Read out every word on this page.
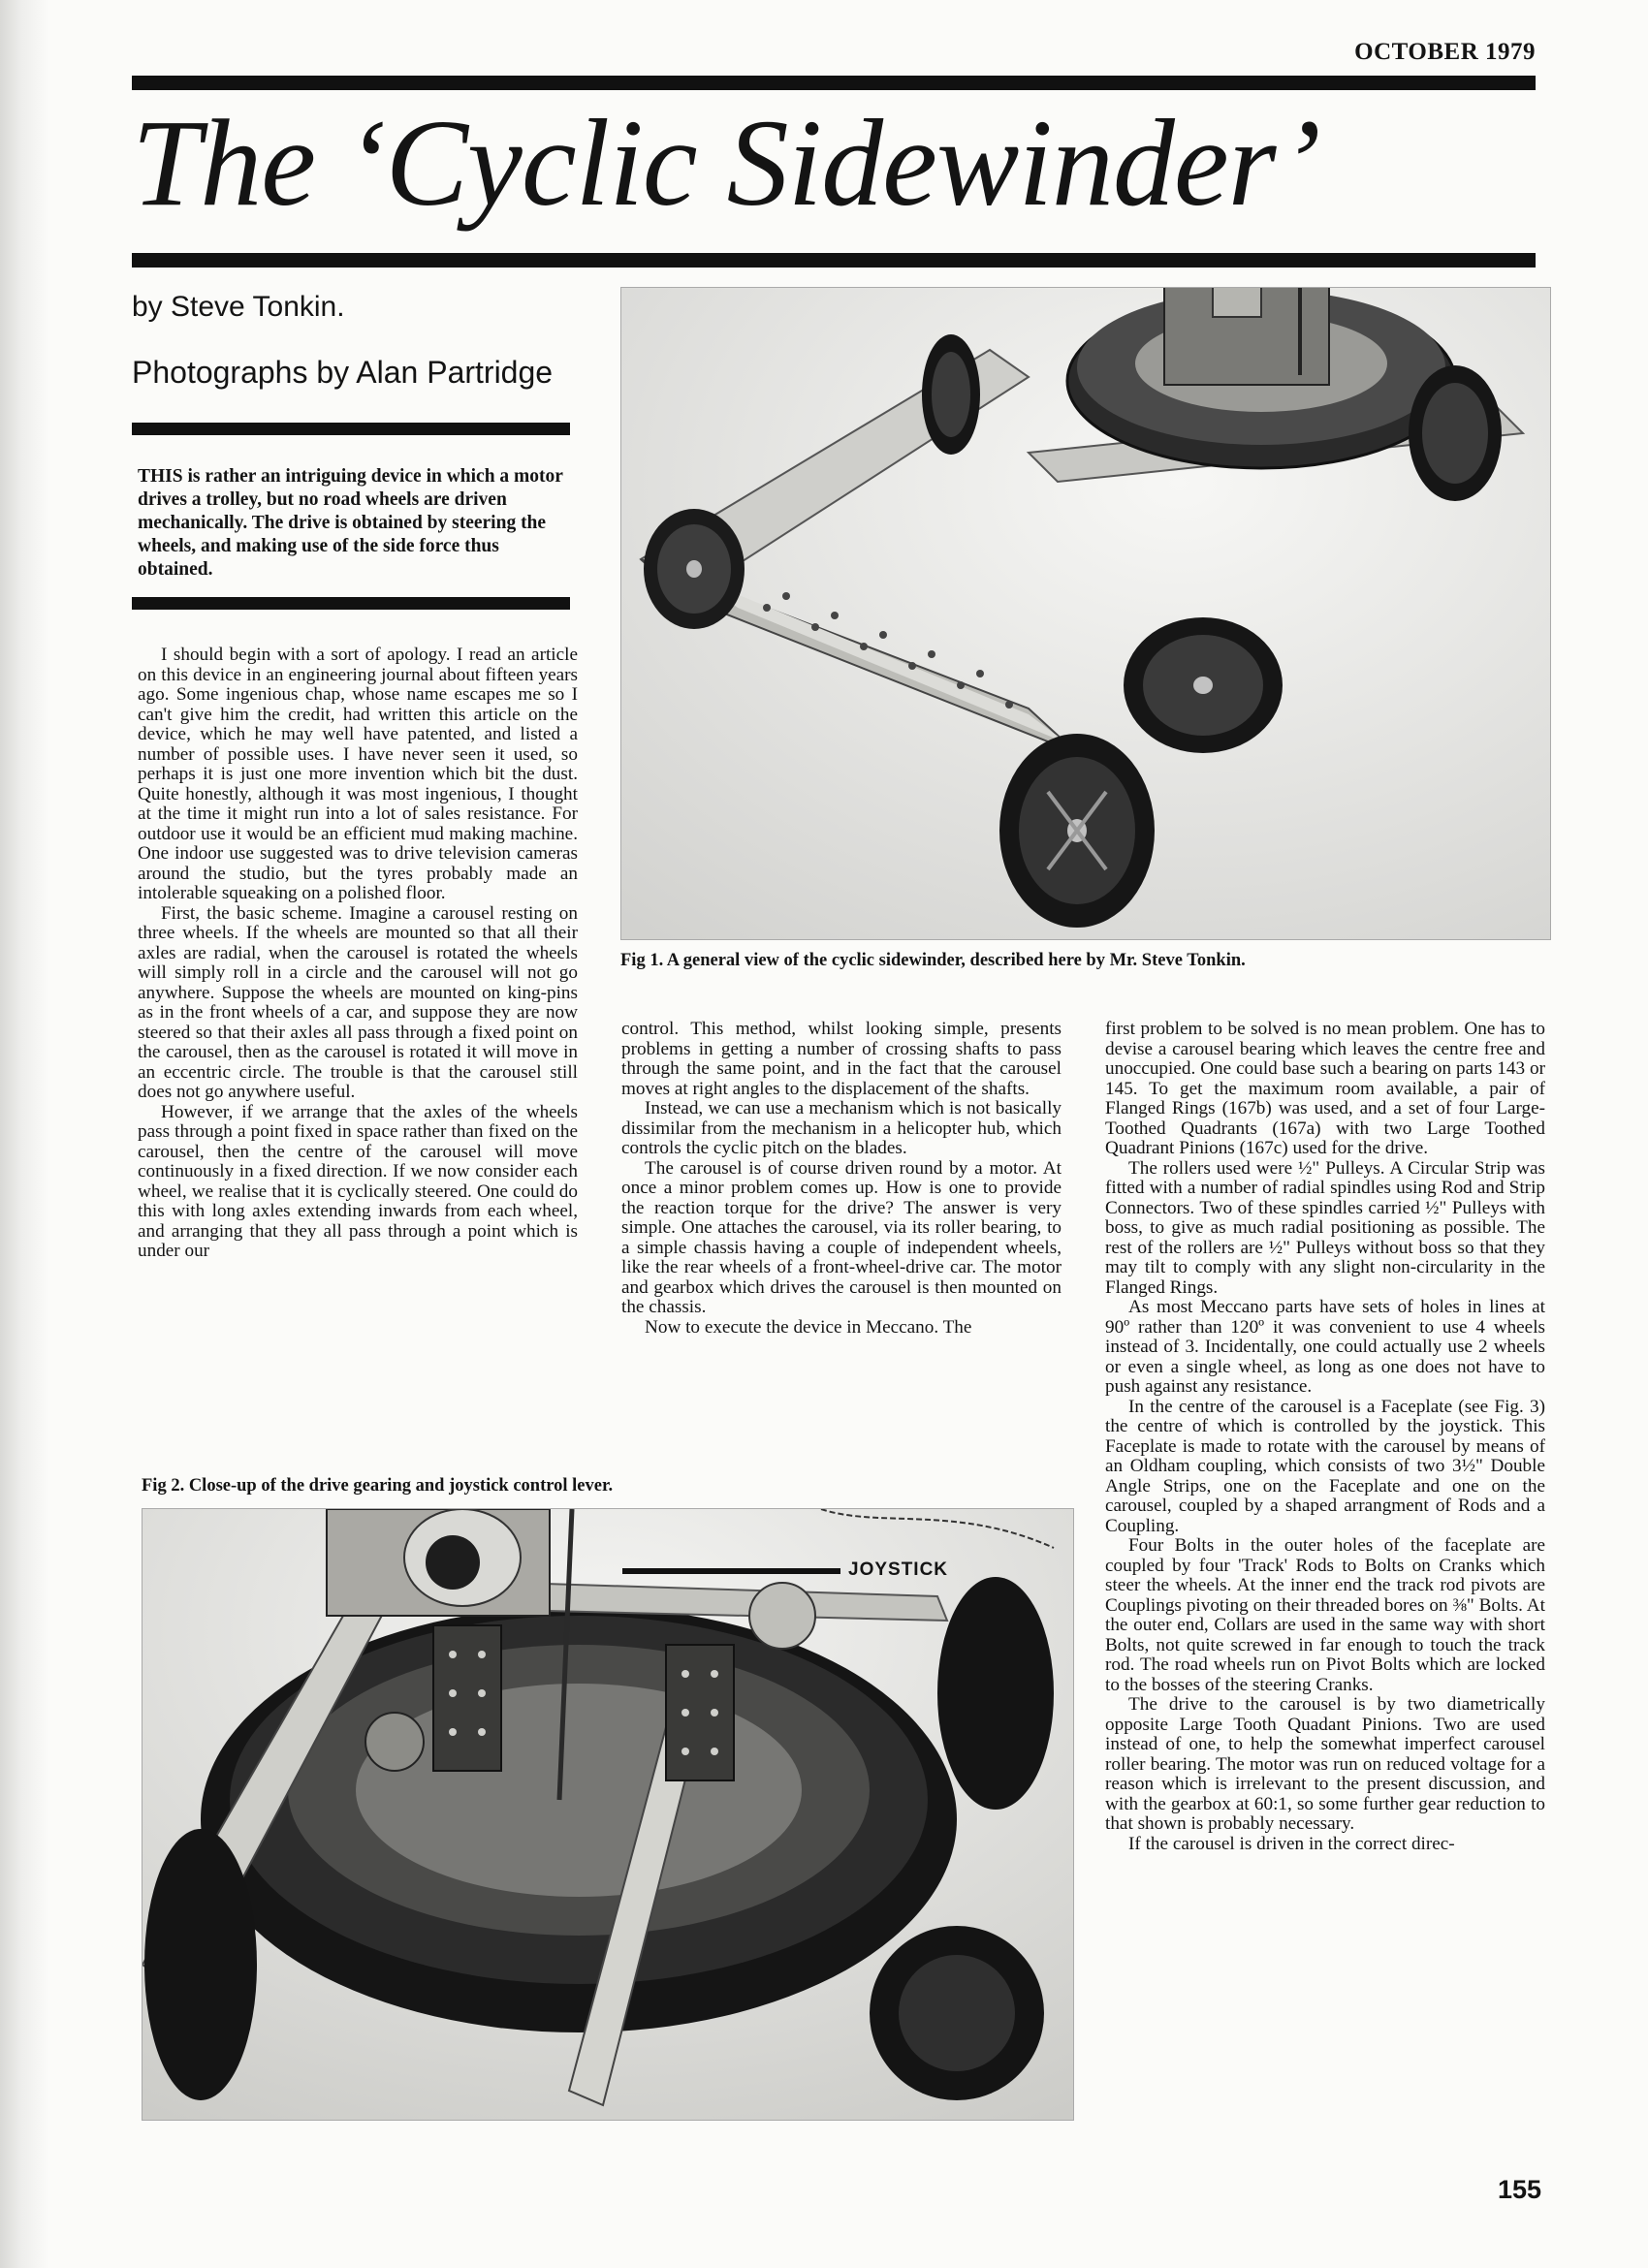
OCTOBER 1979
The ‘Cyclic Sidewinder’
by Steve Tonkin.
Photographs by Alan Partridge
THIS is rather an intriguing device in which a motor drives a trolley, but no road wheels are driven mechanically. The drive is obtained by steering the wheels, and making use of the side force thus obtained.
Fig 1. A general view of the cyclic sidewinder, described here by Mr. Steve Tonkin.

I should begin with a sort of apology. I read an article on this device in an engineering journal about fifteen years ago. Some ingenious chap, whose name escapes me so I can't give him the credit, had written this article on the device, which he may well have patented, and listed a number of possible uses. I have never seen it used, so perhaps it is just one more invention which bit the dust. Quite honestly, although it was most ingenious, I thought at the time it might run into a lot of sales resistance. For outdoor use it would be an efficient mud making machine. One indoor use suggested was to drive television cameras around the studio, but the tyres probably made an intolerable squeaking on a polished floor.

First, the basic scheme. Imagine a carousel resting on three wheels. If the wheels are mounted so that all their axles are radial, when the carousel is rotated the wheels will simply roll in a circle and the carousel will not go anywhere. Suppose the wheels are mounted on king-pins as in the front wheels of a car, and suppose they are now steered so that their axles all pass through a fixed point on the carousel, then as the carousel is rotated it will move in an eccentric circle. The trouble is that the carousel still does not go anywhere useful.

However, if we arrange that the axles of the wheels pass through a point fixed in space rather than fixed on the carousel, then the centre of the carousel will move continuously in a fixed direction. If we now consider each wheel, we realise that it is cyclically steered. One could do this with long axles extending inwards from each wheel, and arranging that they all pass through a point which is under our

control. This method, whilst looking simple, presents problems in getting a number of crossing shafts to pass through the same point, and in the fact that the carousel moves at right angles to the displacement of the shafts.

Instead, we can use a mechanism which is not basically dissimilar from the mechanism in a helicopter hub, which controls the cyclic pitch on the blades.

The carousel is of course driven round by a motor. At once a minor problem comes up. How is one to provide the reaction torque for the drive? The answer is very simple. One attaches the carousel, via its roller bearing, to a simple chassis having a couple of independent wheels, like the rear wheels of a front-wheel-drive car. The motor and gearbox which drives the carousel is then mounted on the chassis.

Now to execute the device in Meccano. The

first problem to be solved is no mean problem. One has to devise a carousel bearing which leaves the centre free and unoccupied. One could base such a bearing on parts 143 or 145. To get the maximum room available, a pair of Flanged Rings (167b) was used, and a set of four Large-Toothed Quadrants (167a) with two Large Toothed Quadrant Pinions (167c) used for the drive.

The rollers used were ½" Pulleys. A Circular Strip was fitted with a number of radial spindles using Rod and Strip Connectors. Two of these spindles carried ½" Pulleys with boss, to give as much radial positioning as possible. The rest of the rollers are ½" Pulleys without boss so that they may tilt to comply with any slight non-circularity in the Flanged Rings.

As most Meccano parts have sets of holes in lines at 90º rather than 120º it was convenient to use 4 wheels instead of 3. Incidentally, one could actually use 2 wheels or even a single wheel, as long as one does not have to push against any resistance.

In the centre of the carousel is a Faceplate (see Fig. 3) the centre of which is controlled by the joystick. This Faceplate is made to rotate with the carousel by means of an Oldham coupling, which consists of two 3½" Double Angle Strips, one on the Faceplate and one on the carousel, coupled by a shaped arrangment of Rods and a Coupling.

Four Bolts in the outer holes of the faceplate are coupled by four 'Track' Rods to Bolts on Cranks which steer the wheels. At the inner end the track rod pivots are Couplings pivoting on their threaded bores on ⅜" Bolts. At the outer end, Collars are used in the same way with short Bolts, not quite screwed in far enough to touch the track rod. The road wheels run on Pivot Bolts which are locked to the bosses of the steering Cranks.

The drive to the carousel is by two diametrically opposite Large Tooth Quadant Pinions. Two are used instead of one, to help the somewhat imperfect carousel roller bearing. The motor was run on reduced voltage for a reason which is irrelevant to the present discussion, and with the gearbox at 60:1, so some further gear reduction to that shown is probably necessary.

If the carousel is driven in the correct direc-

Fig 2. Close-up of the drive gearing and joystick control lever.
JOYSTICK
155
